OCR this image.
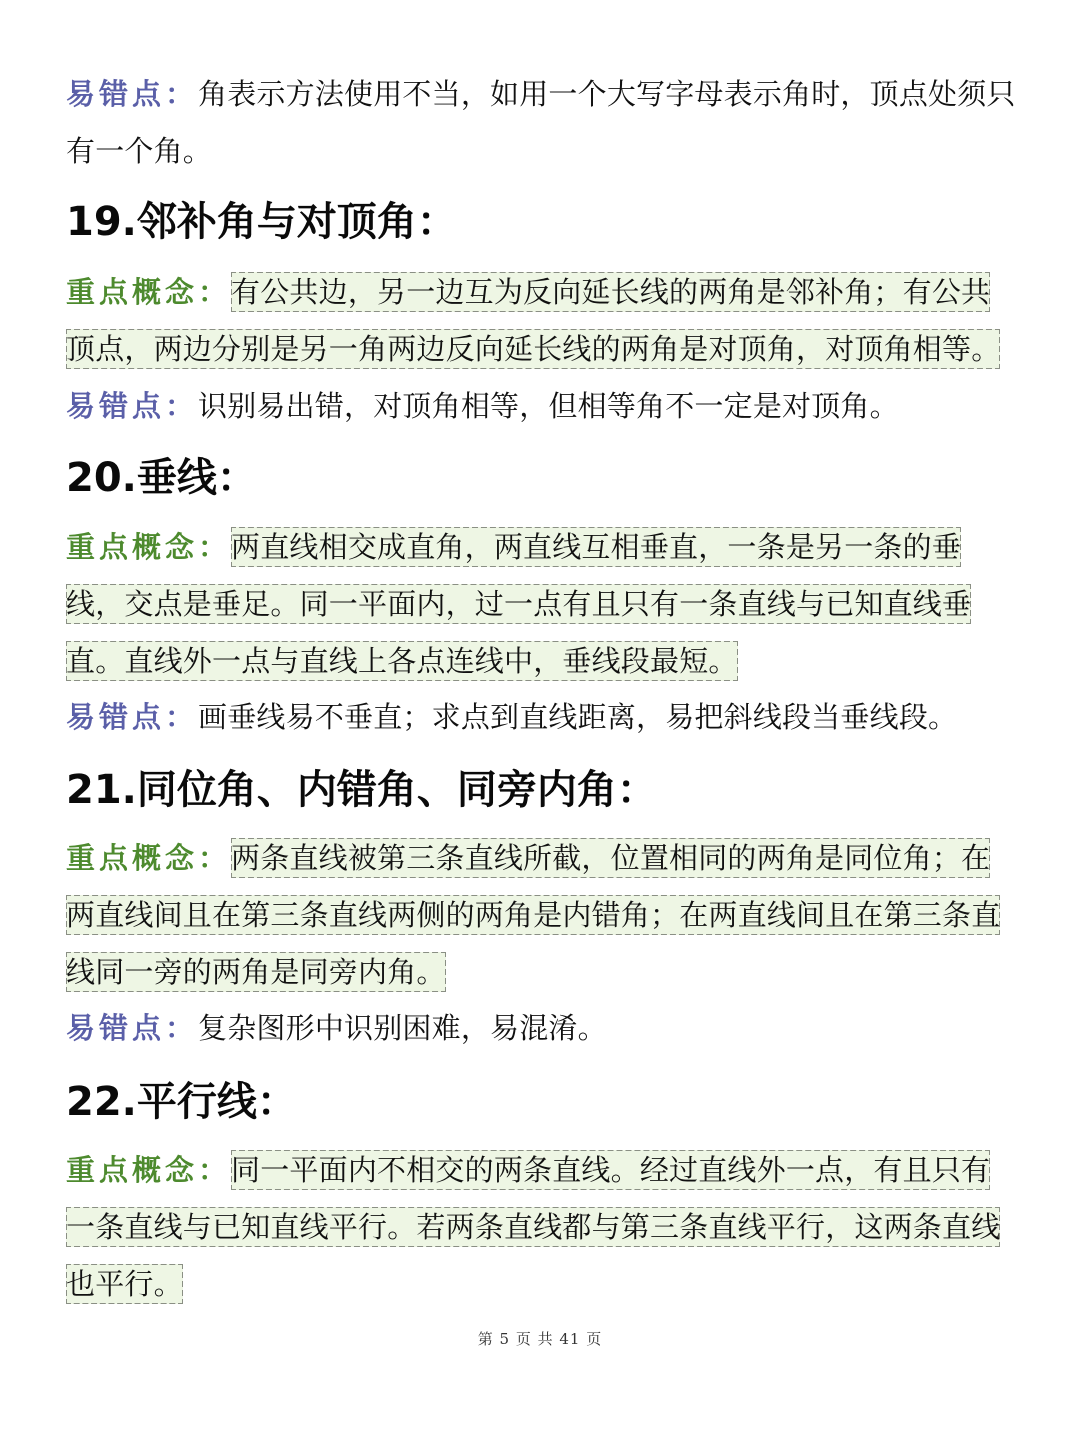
易错点：角表示方法使用不当，如用一个大写字母表示角时，顶点处须只有一个角。

19.邻补角与对顶角：

重点概念：有公共边，另一边互为反向延长线的两角是邻补角；有公共顶点，两边分别是另一角两边反向延长线的两角是对顶角，对顶角相等。

易错点：识别易出错，对顶角相等，但相等角不一定是对顶角。

20.垂线：

重点概念：两直线相交成直角，两直线互相垂直，一条是另一条的垂线，交点是垂足。同一平面内，过一点有且只有一条直线与已知直线垂直。直线外一点与直线上各点连线中，垂线段最短。

易错点：画垂线易不垂直；求点到直线距离，易把斜线段当垂线段。

21.同位角、内错角、同旁内角：

重点概念：两条直线被第三条直线所截，位置相同的两角是同位角；在两直线间且在第三条直线两侧的两角是内错角；在两直线间且在第三条直线同一旁的两角是同旁内角。

易错点：复杂图形中识别困难，易混淆。

22.平行线：

重点概念：同一平面内不相交的两条直线。经过直线外一点，有且只有一条直线与已知直线平行。若两条直线都与第三条直线平行，这两条直线也平行。

第 5 页 共 41 页
